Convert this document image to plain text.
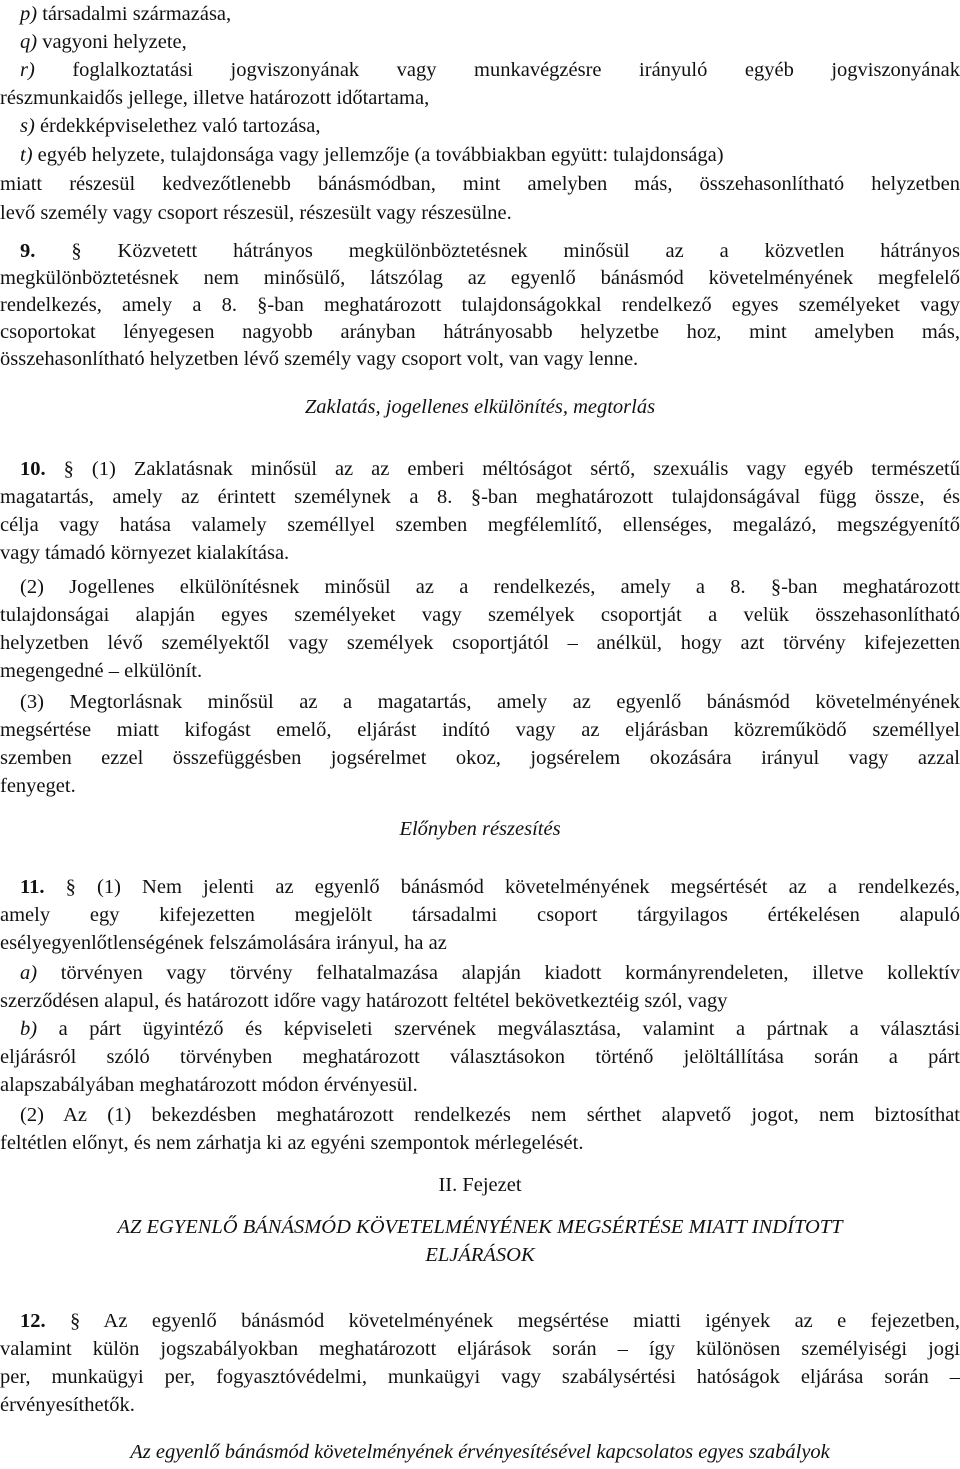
p) társadalmi származása,
q) vagyoni helyzete,
r) foglalkoztatási jogviszonyának vagy munkavégzésre irányuló egyéb jogviszonyának
részmunkaidős jellege, illetve határozott időtartama,
s) érdekképviselethez való tartozása,
t) egyéb helyzete, tulajdonsága vagy jellemzője (a továbbiakban együtt: tulajdonsága)
miatt részesül kedvezőtlenebb bánásmódban, mint amelyben más, összehasonlítható helyzetben
levő személy vagy csoport részesül, részesült vagy részesülne.
9. § Közvetett hátrányos megkülönböztetésnek minősül az a közvetlen hátrányos
megkülönböztetésnek nem minősülő, látszólag az egyenlő bánásmód követelményének megfelelő
rendelkezés, amely a 8. §-ban meghatározott tulajdonságokkal rendelkező egyes személyeket vagy
csoportokat lényegesen nagyobb arányban hátrányosabb helyzetbe hoz, mint amelyben más,
összehasonlítható helyzetben lévő személy vagy csoport volt, van vagy lenne.
Zaklatás, jogellenes elkülönítés, megtorlás
10. § (1) Zaklatásnak minősül az az emberi méltóságot sértő, szexuális vagy egyéb természetű
magatartás, amely az érintett személynek a 8. §-ban meghatározott tulajdonságával függ össze, és
célja vagy hatása valamely személlyel szemben megfélemlítő, ellenséges, megalázó, megszégyenítő
vagy támadó környezet kialakítása.
(2) Jogellenes elkülönítésnek minősül az a rendelkezés, amely a 8. §-ban meghatározott
tulajdonságai alapján egyes személyeket vagy személyek csoportját a velük összehasonlítható
helyzetben lévő személyektől vagy személyek csoportjától – anélkül, hogy azt törvény kifejezetten
megengedné – elkülönít.
(3) Megtorlásnak minősül az a magatartás, amely az egyenlő bánásmód követelményének
megsértése miatt kifogást emelő, eljárást indító vagy az eljárásban közreműködő személlyel
szemben ezzel összefüggésben jogsérelmet okoz, jogsérelem okozására irányul vagy azzal
fenyeget.
Előnyben részesítés
11. § (1) Nem jelenti az egyenlő bánásmód követelményének megsértését az a rendelkezés,
amely egy kifejezetten megjelölt társadalmi csoport tárgyilagos értékelésen alapuló
esélyegyenlőtlenségének felszámolására irányul, ha az
a) törvényen vagy törvény felhatalmazása alapján kiadott kormányrendeleten, illetve kollektív
szerződésen alapul, és határozott időre vagy határozott feltétel bekövetkeztéig szól, vagy
b) a párt ügyintéző és képviseleti szervének megválasztása, valamint a pártnak a választási
eljárásról szóló törvényben meghatározott választásokon történő jelöltállítása során a párt
alapszabályában meghatározott módon érvényesül.
(2) Az (1) bekezdésben meghatározott rendelkezés nem sérthet alapvető jogot, nem biztosíthat
feltétlen előnyt, és nem zárhatja ki az egyéni szempontok mérlegelését.
II. Fejezet
AZ EGYENLŐ BÁNÁSMÓD KÖVETELMÉNYÉNEK MEGSÉRTÉSE MIATT INDÍTOTT
ELJÁRÁSOK
12. § Az egyenlő bánásmód követelményének megsértése miatti igények az e fejezetben,
valamint külön jogszabályokban meghatározott eljárások során – így különösen személyiségi jogi
per, munkaügyi per, fogyasztóvédelmi, munkaügyi vagy szabálysértési hatóságok eljárása során –
érvényesíthetők.
Az egyenlő bánásmód követelményének érvényesítésével kapcsolatos egyes szabályok
